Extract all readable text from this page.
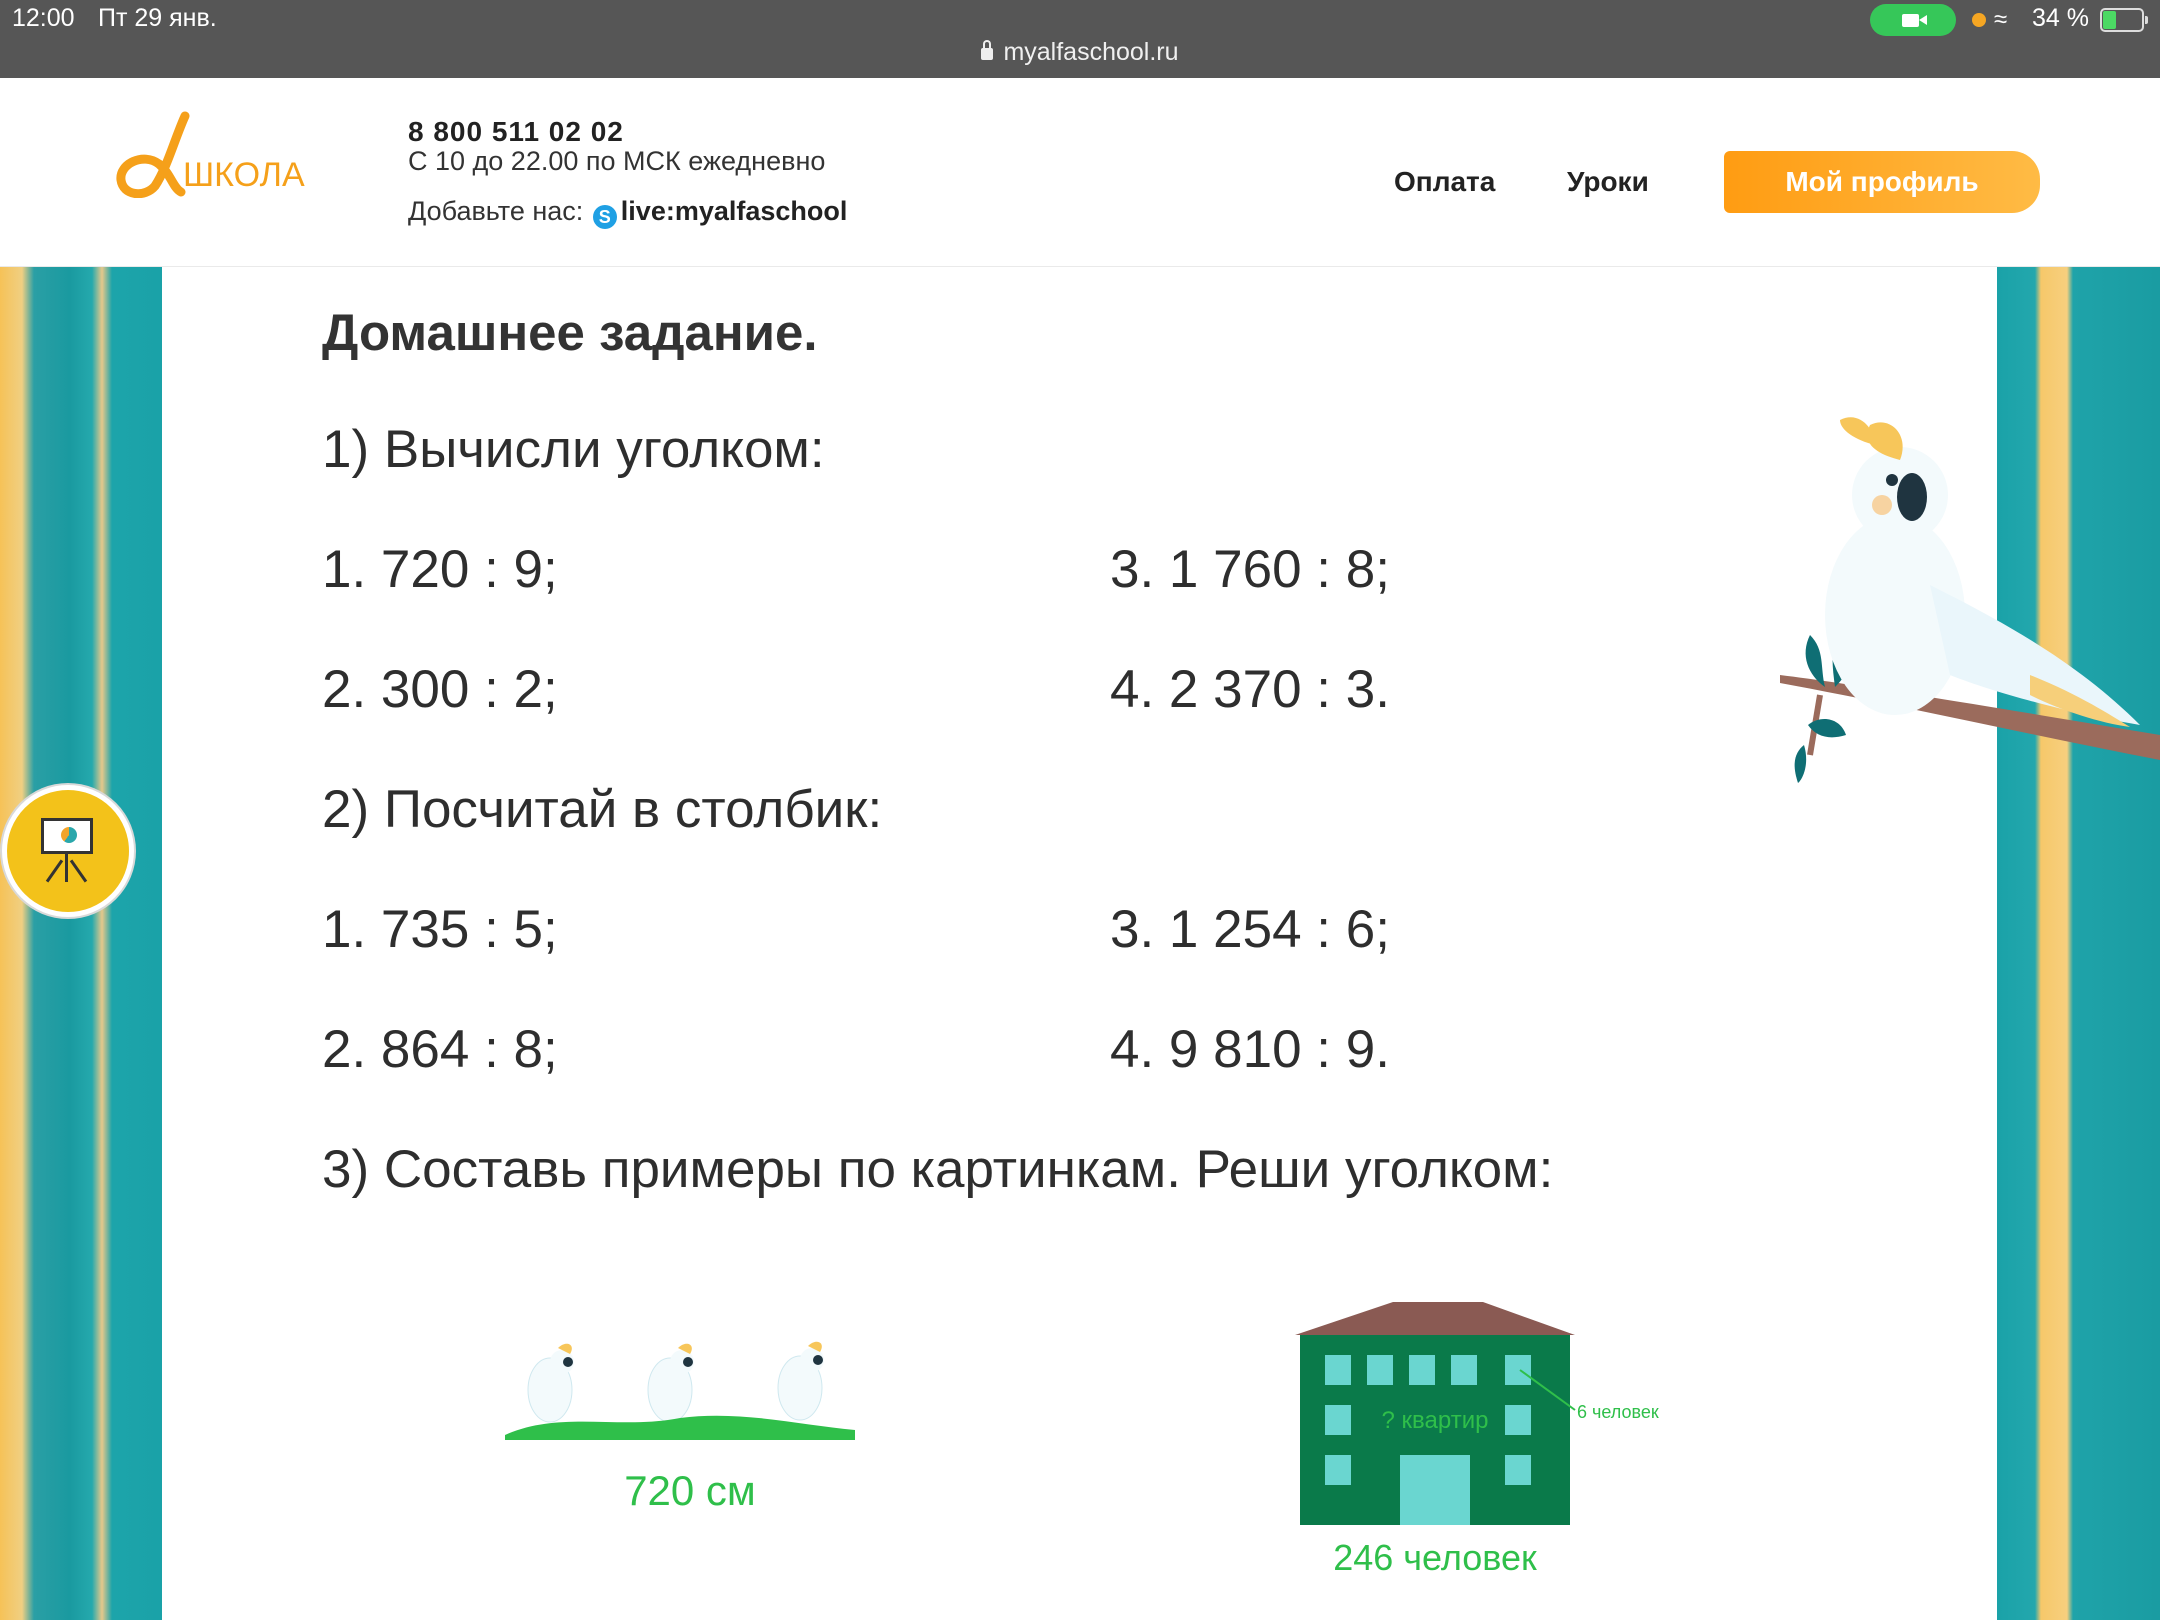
12:00 Пт 29 янв.
myalfaschool.ru
≈ 34 %
ШКОЛА
8 800 511 02 02
С 10 до 22.00 по МСК ежедневно
Добавьте нас: S live:myalfaschool
Оплата	Уроки	Мой профиль
Домашнее задание.
1) Вычисли уголком:
1. 720 : 9;	3. 1 760 : 8;
2. 300 : 2;	4. 2 370 : 3.
2) Посчитай в столбик:
1. 735 : 5;	3. 1 254 : 6;
2. 864 : 8;	4. 9 810 : 9.
3) Составь примеры по картинкам. Реши уголком:
720 см
? квартир	6 человек
246 человек
